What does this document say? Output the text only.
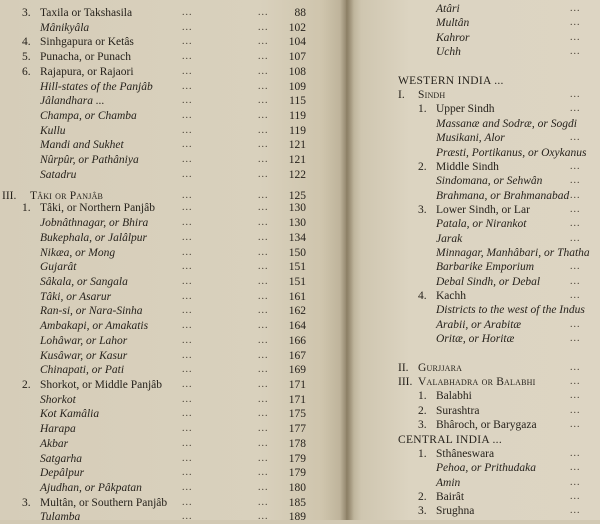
3. Taxila or Takshasila	...	... 88
Mânikyâla	...	... 102
4. Sinhgapura or Ketâs	...	... 104
5. Punacha, or Punach	...	... 107
6. Rajapura, or Rajaori	...	... 108
Hill-states of the Panjâb	...	... 109
Jâlandhara ...	...	... 115
Champa, or Chamba	...	... 119
Kullu	...	... 119
Mandi and Sukhet	...	... 121
Nûrpûr, or Pathâniya	...	... 121
Satadru	...	... 122
III. Tâki or Panjâb	...	... 125
1. Tâki, or Northern Panjâb	...	... 130
Jobnâthnagar, or Bhira	...	... 130
Bukephala, or Jalâlpur	...	... 134
Nikæa, or Mong	...	... 150
Gujarât	...	... 151
Sâkala, or Sangala	...	... 151
Tâki, or Asarur	...	... 161
Ran-si, or Nara-Sinha	...	... 162
Ambakapi, or Amakatis	...	... 164
Lohâwar, or Lahor	...	... 166
Kusâwar, or Kasur	...	... 167
Chinapati, or Pati	...	... 169
2. Shorkot, or Middle Panjâb ...	... 171
Shorkot	...	... 171
Kot Kamâlia	...	... 175
Harapa	...	... 177
Akbar	...	... 178
Satgarha	...	... 179
Depâlpur	...	... 179
Ajudhan, or Pâkpatan	...	... 180
3. Multân, or Southern Panjâb ...	... 185
Tulamba	...	... 189
Atâri	...
Multân	...
Kahror	...
Uchh	...
WESTERN INDIA ...
I. Sindh	...
1. Upper Sindh	...
Massanæ and Sodræ, or Sogdi
Musikani, Alor	...
Præsti, Portikanus, or Oxykanus
2. Middle Sindh	...
Sindomana, or Sehwân	...
Brahmana, or Brahmanabad ...
3. Lower Sindh, or Lar	...
Patala, or Nirankot	...
Jarak	...
Minnagar, Manhâbari, or Thatha
Barbarike Emporium	...
Debal Sindh, or Debal	...
4. Kachh	...
Districts to the west of the Indus
Arabii, or Arabitæ	...
Oritæ, or Horitæ	...
II. Gurjjara	...
III. Valabhadra or Balabhi	...
1. Balabhi	...
2. Surashtra	...
3. Bhâroch, or Barygaza	...
CENTRAL INDIA ...
1. Sthâneswara	...
Pehoa, or Prithudaka	...
Amin	...
2. Bairât	...
3. Srughna	...
